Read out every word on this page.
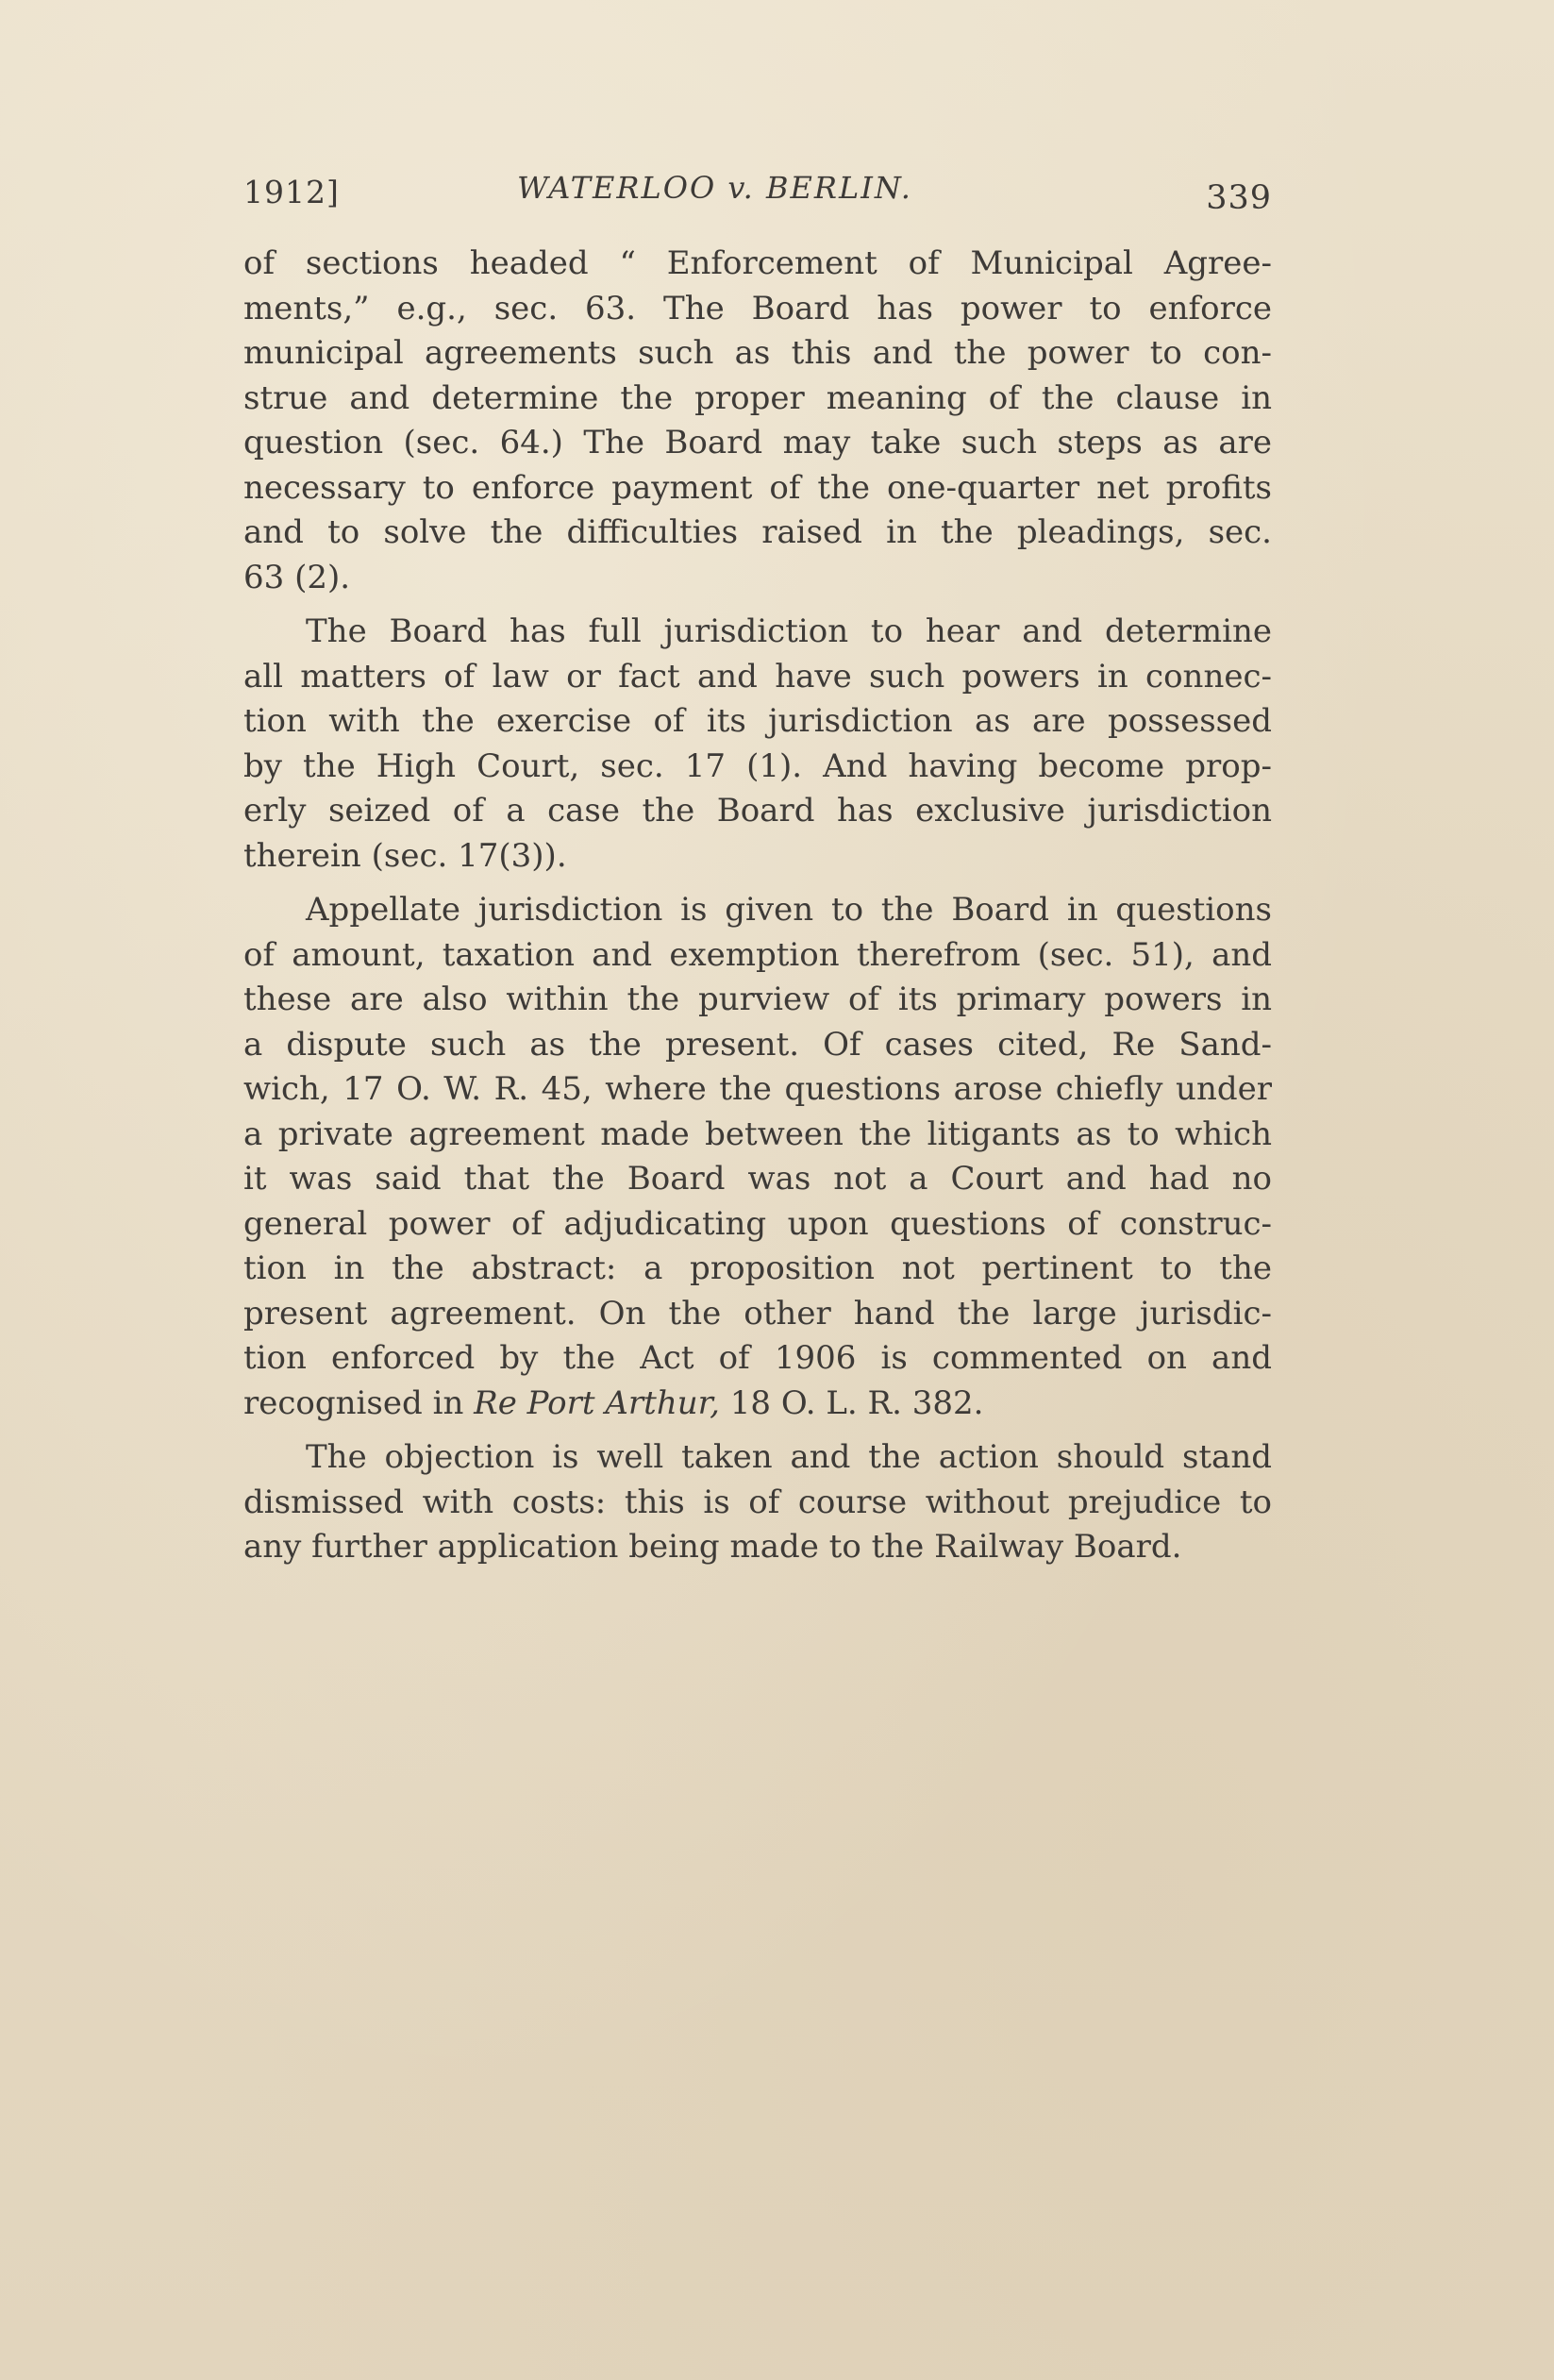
1912]	WATERLOO v. BERLIN.	339
of sections headed “ Enforcement of Municipal Agree-
ments,” e.g., sec. 63. The Board has power to enforce
municipal agreements such as this and the power to con-
strue and determine the proper meaning of the clause in
question (sec. 64.) The Board may take such steps as are
necessary to enforce payment of the one-quarter net profits
and to solve the difficulties raised in the pleadings, sec.
63 (2).
The Board has full jurisdiction to hear and determine
all matters of law or fact and have such powers in connec-
tion with the exercise of its jurisdiction as are possessed
by the High Court, sec. 17 (1). And having become prop-
erly seized of a case the Board has exclusive jurisdiction
therein (sec. 17(3)).
Appellate jurisdiction is given to the Board in questions
of amount, taxation and exemption therefrom (sec. 51), and
these are also within the purview of its primary powers in
a dispute such as the present. Of cases cited, Re Sand-
wich, 17 O. W. R. 45, where the questions arose chiefly under
a private agreement made between the litigants as to which
it was said that the Board was not a Court and had no
general power of adjudicating upon questions of construc-
tion in the abstract: a proposition not pertinent to the
present agreement. On the other hand the large jurisdic-
tion enforced by the Act of 1906 is commented on and
recognised in Re Port Arthur, 18 O. L. R. 382.
The objection is well taken and the action should stand
dismissed with costs: this is of course without prejudice to
any further application being made to the Railway Board.
